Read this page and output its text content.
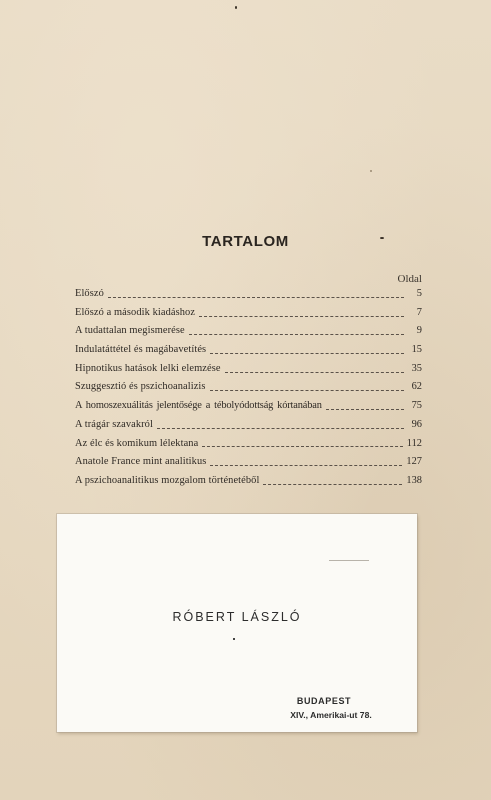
TARTALOM
Oldal
Előszó	5
Előszó a második kiadáshoz	7
A tudattalan megismerése	9
Indulatáttétel és magábavetítés	15
Hipnotikus hatások lelki elemzése	35
Szuggesztió és pszichoanalizis	62
A homoszexuálitás jelentősége a tébolyódottság kórtanában	75
A trágár szavakról	96
Az élc és komikum lélektana	112
Anatole France mint analitikus	127
A pszichoanalitikus mozgalom történetéből	138
RÓBERT LÁSZLÓ
BUDAPEST
XIV., Amerikai-ut 78.
